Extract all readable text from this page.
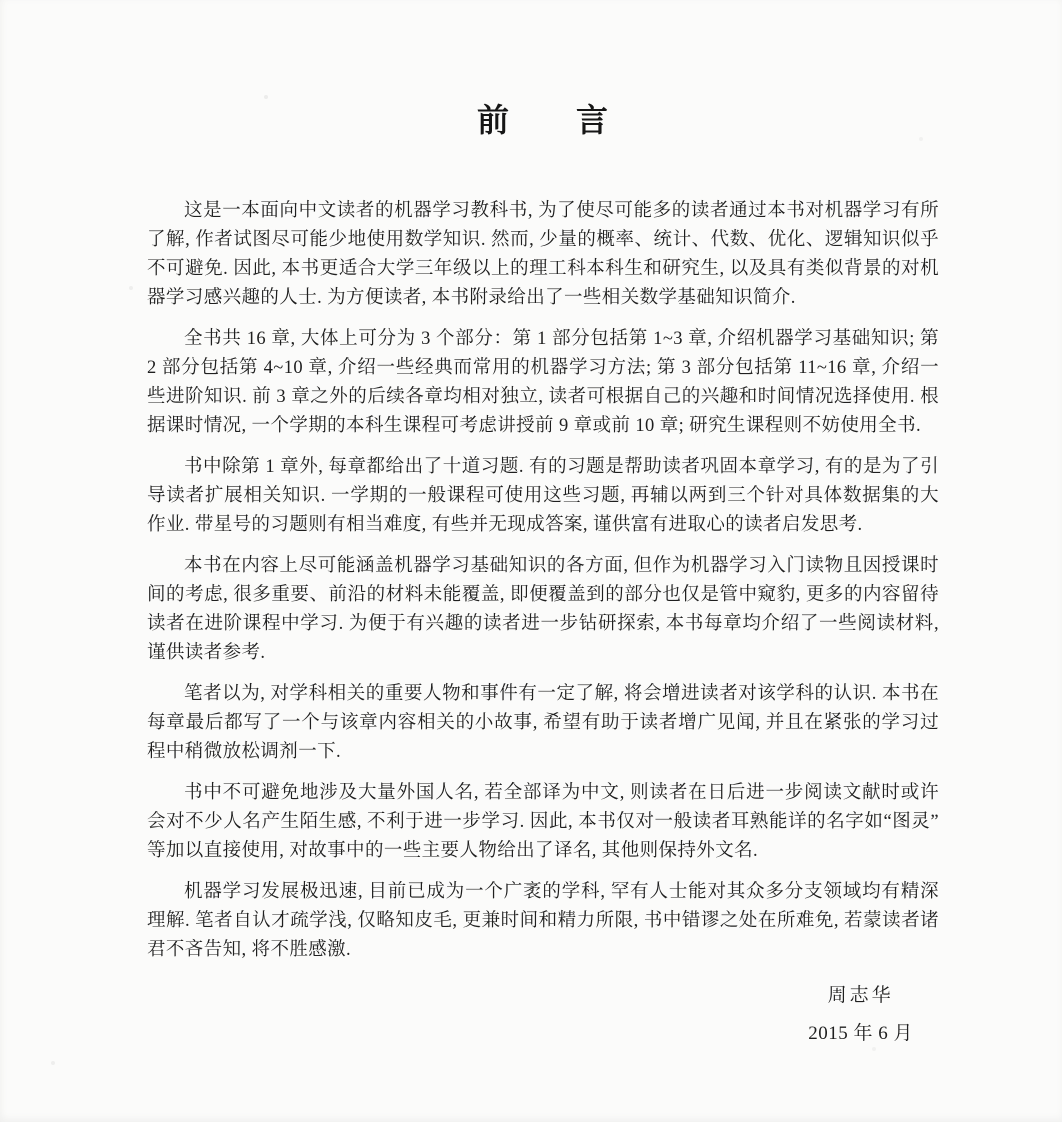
前　　言

这是一本面向中文读者的机器学习教科书, 为了使尽可能多的读者通过本书对机器学习有所了解, 作者试图尽可能少地使用数学知识. 然而, 少量的概率、统计、代数、优化、逻辑知识似乎不可避免. 因此, 本书更适合大学三年级以上的理工科本科生和研究生, 以及具有类似背景的对机器学习感兴趣的人士. 为方便读者, 本书附录给出了一些相关数学基础知识简介.

全书共 16 章, 大体上可分为 3 个部分：第 1 部分包括第 1~3 章, 介绍机器学习基础知识; 第 2 部分包括第 4~10 章, 介绍一些经典而常用的机器学习方法; 第 3 部分包括第 11~16 章, 介绍一些进阶知识. 前 3 章之外的后续各章均相对独立, 读者可根据自己的兴趣和时间情况选择使用. 根据课时情况, 一个学期的本科生课程可考虑讲授前 9 章或前 10 章; 研究生课程则不妨使用全书.

书中除第 1 章外, 每章都给出了十道习题. 有的习题是帮助读者巩固本章学习, 有的是为了引导读者扩展相关知识. 一学期的一般课程可使用这些习题, 再辅以两到三个针对具体数据集的大作业. 带星号的习题则有相当难度, 有些并无现成答案, 谨供富有进取心的读者启发思考.

本书在内容上尽可能涵盖机器学习基础知识的各方面, 但作为机器学习入门读物且因授课时间的考虑, 很多重要、前沿的材料未能覆盖, 即便覆盖到的部分也仅是管中窥豹, 更多的内容留待读者在进阶课程中学习. 为便于有兴趣的读者进一步钻研探索, 本书每章均介绍了一些阅读材料, 谨供读者参考.

笔者以为, 对学科相关的重要人物和事件有一定了解, 将会增进读者对该学科的认识. 本书在每章最后都写了一个与该章内容相关的小故事, 希望有助于读者增广见闻, 并且在紧张的学习过程中稍微放松调剂一下.

书中不可避免地涉及大量外国人名, 若全部译为中文, 则读者在日后进一步阅读文献时或许会对不少人名产生陌生感, 不利于进一步学习. 因此, 本书仅对一般读者耳熟能详的名字如“图灵”等加以直接使用, 对故事中的一些主要人物给出了译名, 其他则保持外文名.

机器学习发展极迅速, 目前已成为一个广袤的学科, 罕有人士能对其众多分支领域均有精深理解. 笔者自认才疏学浅, 仅略知皮毛, 更兼时间和精力所限, 书中错谬之处在所难免, 若蒙读者诸君不吝告知, 将不胜感激.

周志华
2015 年 6 月
